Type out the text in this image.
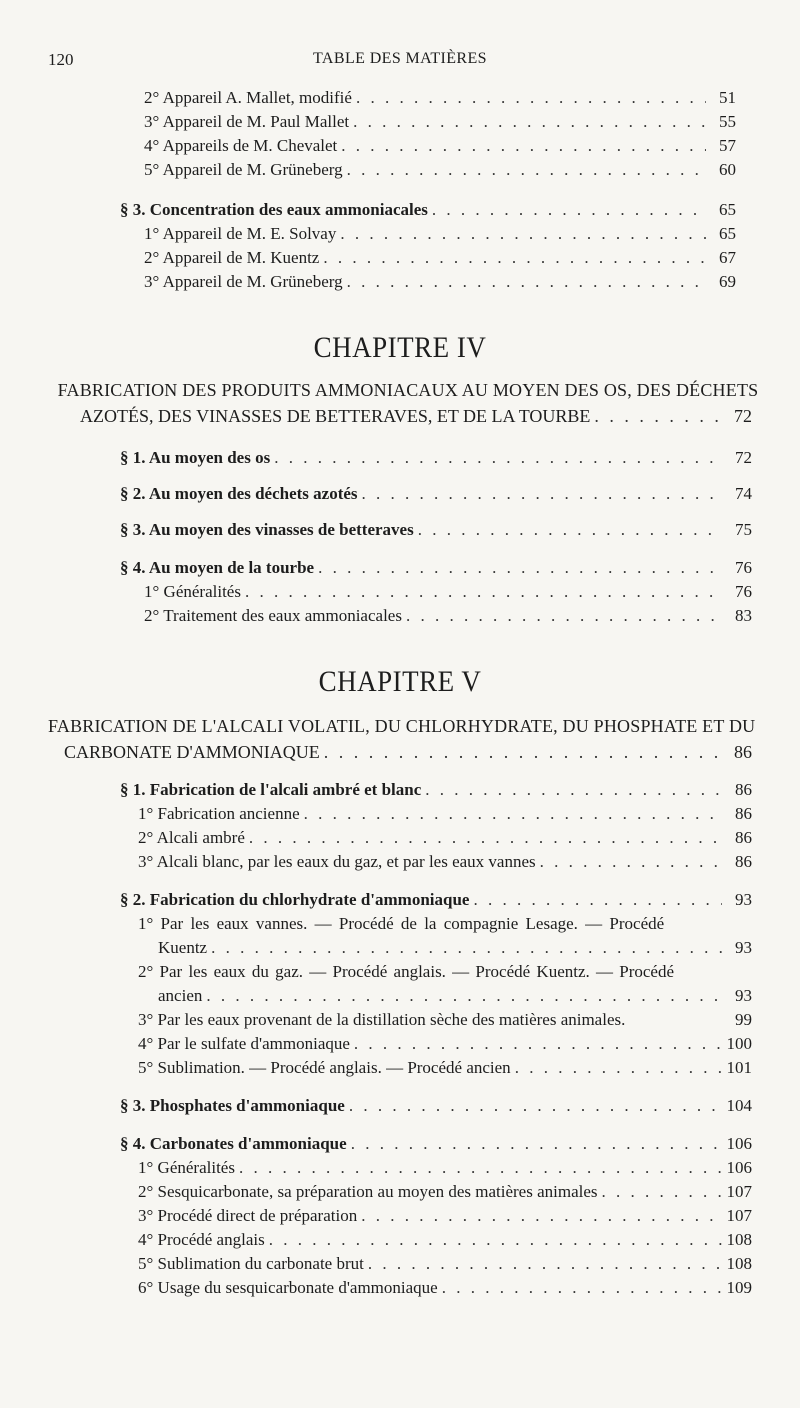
120	TABLE DES MATIÈRES
2° Appareil A. Mallet, modifié . . .	51
3° Appareil de M. Paul Mallet . . .	55
4° Appareils de M. Chevalet . . .	57
5° Appareil de M. Grüneberg . . .	60
§ 3. Concentration des eaux ammoniacales . . .	65
1° Appareil de M. E. Solvay . . .	65
2° Appareil de M. Kuentz . . .	67
3° Appareil de M. Grüneberg . . .	69
CHAPITRE IV
FABRICATION DES PRODUITS AMMONIACAUX AU MOYEN DES OS, DES DÉCHETS
AZOTÉS, DES VINASSES DE BETTERAVES, ET DE LA TOURBE . . .	72
§ 1. Au moyen des os . . .	72
§ 2. Au moyen des déchets azotés . . .	74
§ 3. Au moyen des vinasses de betteraves . . .	75
§ 4. Au moyen de la tourbe . . .	76
1° Généralités . . .	76
2° Traitement des eaux ammoniacales . . .	83
CHAPITRE V
FABRICATION DE L'ALCALI VOLATIL, DU CHLORHYDRATE, DU PHOSPHATE ET DU
CARBONATE D'AMMONIAQUE . . .	86
§ 1. Fabrication de l'alcali ambré et blanc . . .	86
1° Fabrication ancienne . . .	86
2° Alcali ambré . . .	86
3° Alcali blanc, par les eaux du gaz, et par les eaux vannes . . .	86
§ 2. Fabrication du chlorhydrate d'ammoniaque . . .	93
1° Par les eaux vannes. — Procédé de la compagnie Lesage. — Procédé
Kuentz . . .	93
2° Par les eaux du gaz. — Procédé anglais. — Procédé Kuentz. — Procédé
ancien . . .	93
3° Par les eaux provenant de la distillation sèche des matières animales.	99
4° Par le sulfate d'ammoniaque . . .	100
5° Sublimation. — Procédé anglais. — Procédé ancien . . .	101
§ 3. Phosphates d'ammoniaque . . .	104
§ 4. Carbonates d'ammoniaque . . .	106
1° Généralités . . .	106
2° Sesquicarbonate, sa préparation au moyen des matières animales . . .	107
3° Procédé direct de préparation . . .	107
4° Procédé anglais . . .	108
5° Sublimation du carbonate brut . . .	108
6° Usage du sesquicarbonate d'ammoniaque . . .	109
